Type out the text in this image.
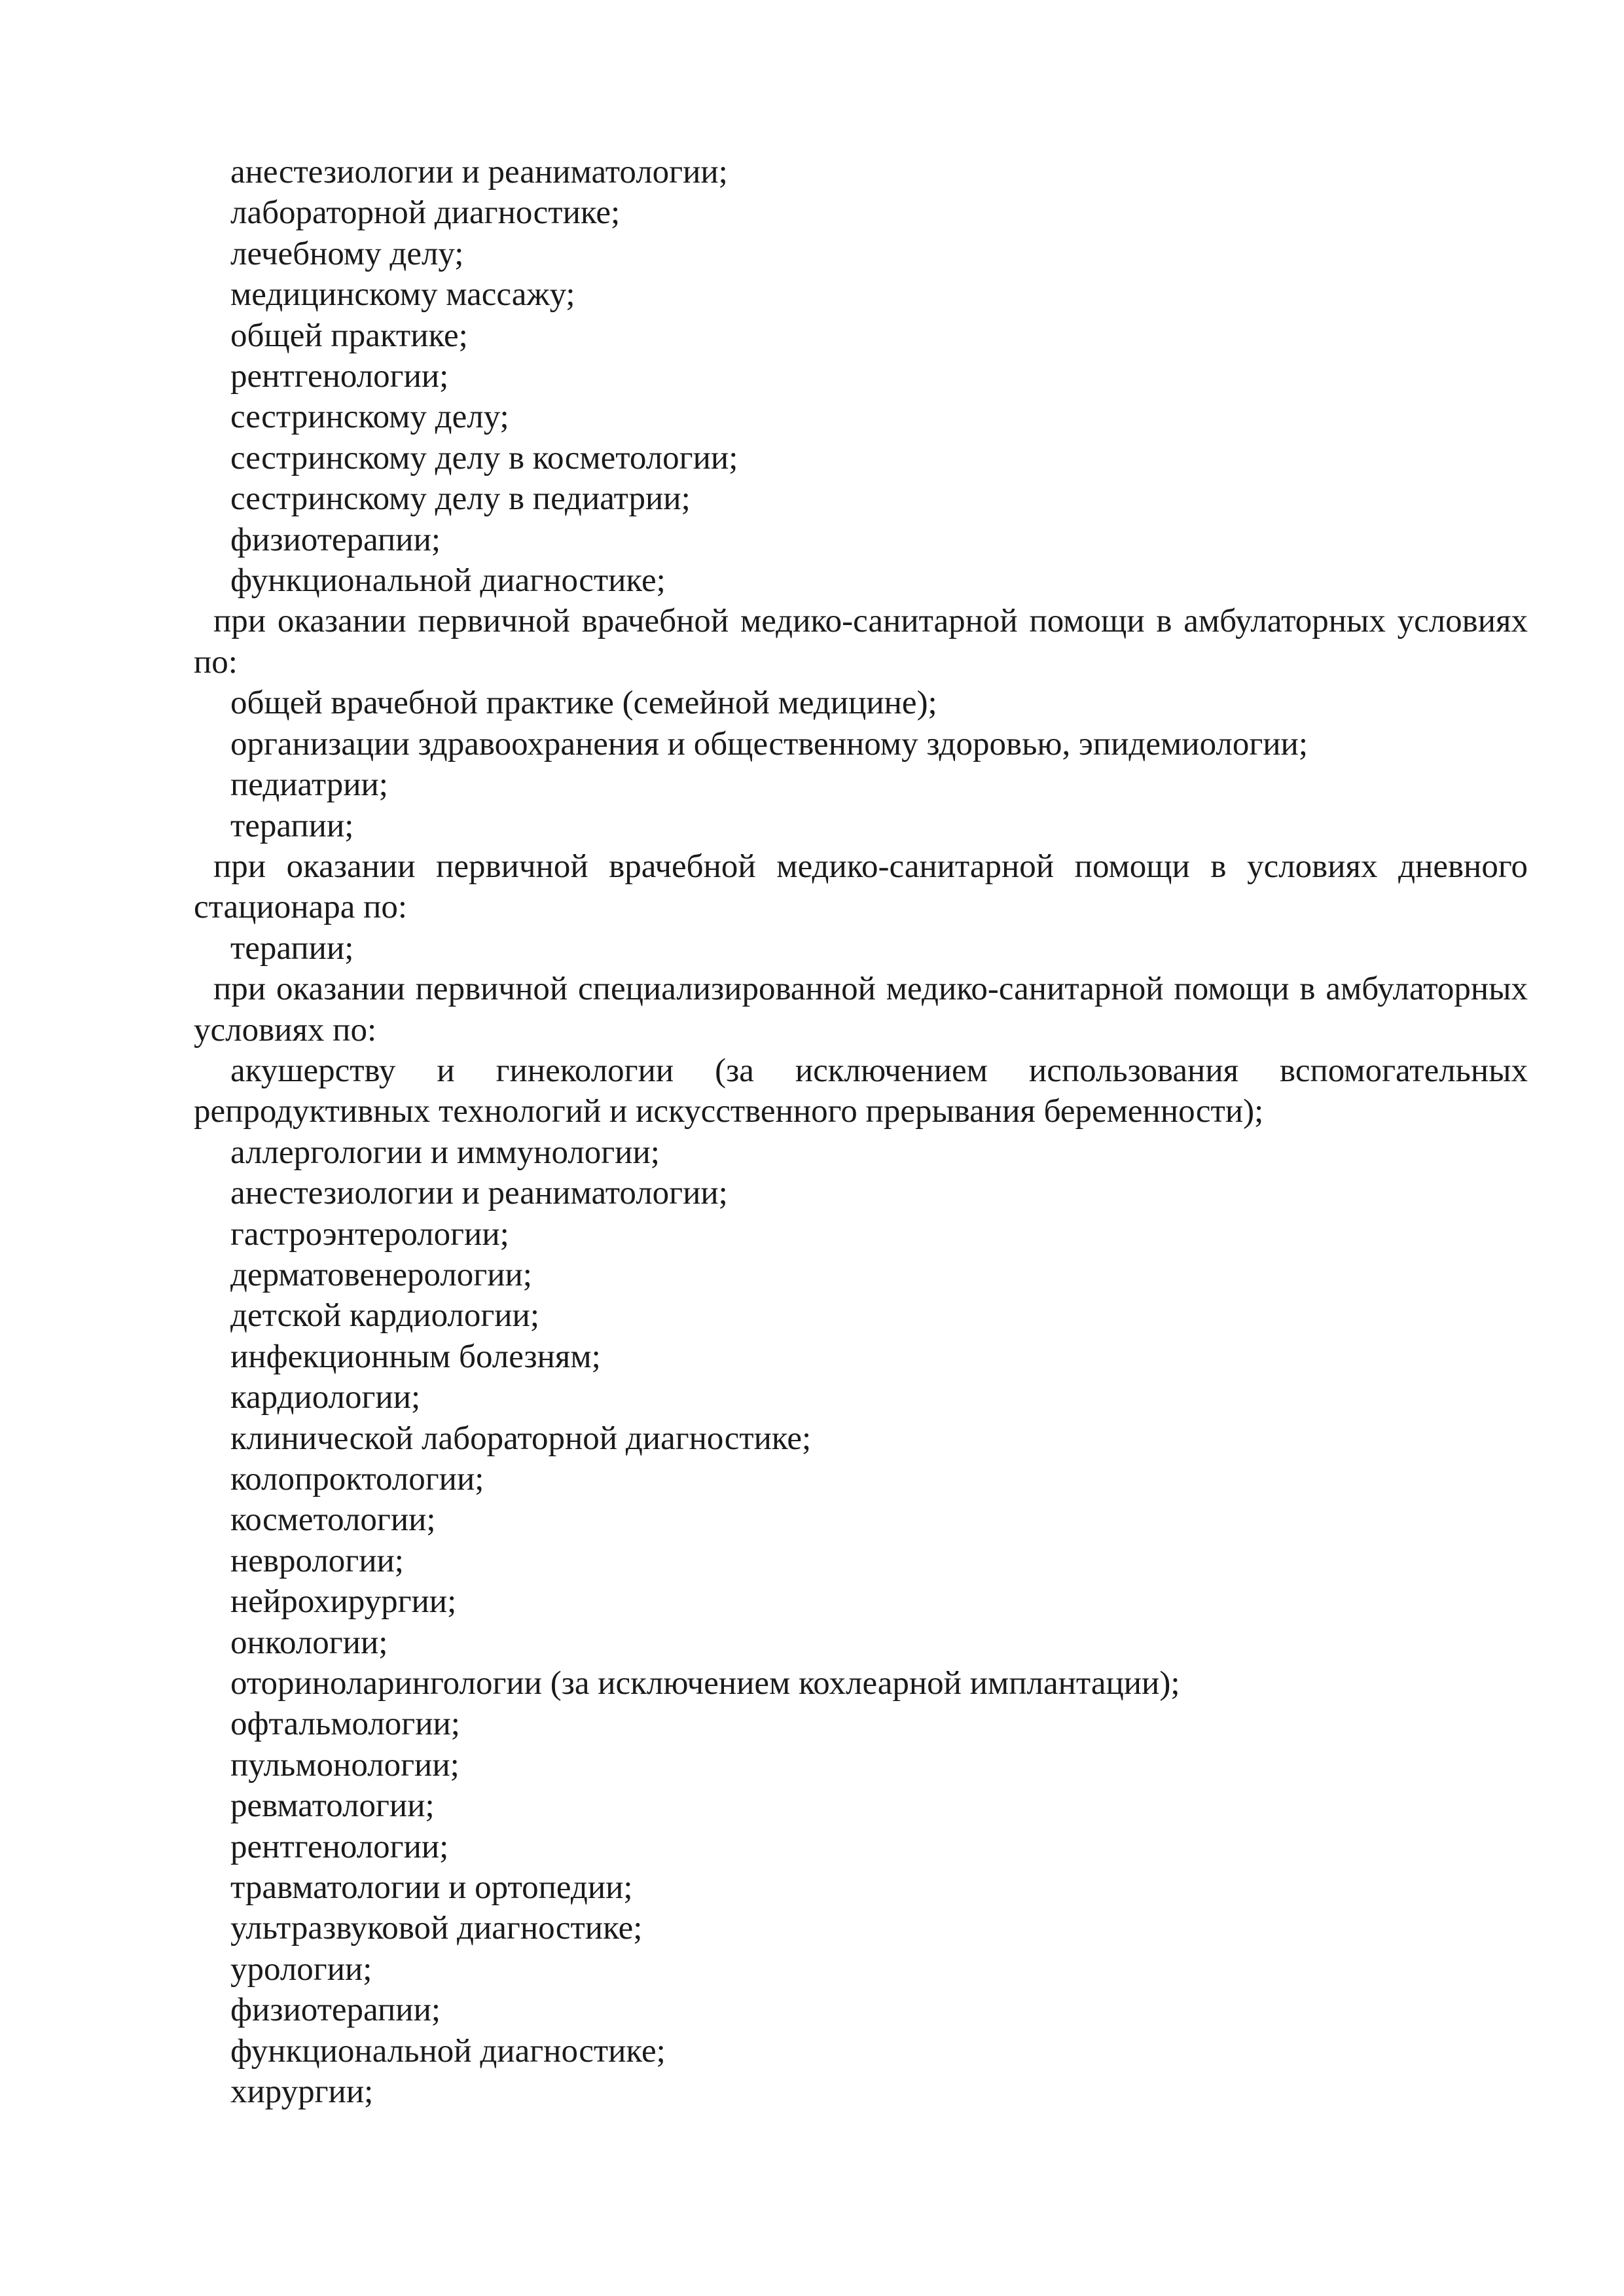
анестезиологии и реаниматологии;

лабораторной диагностике;

лечебному делу;

медицинскому массажу;

общей практике;

рентгенологии;

сестринскому делу;

сестринскому делу в косметологии;

сестринскому делу в педиатрии;

физиотерапии;

функциональной диагностике;

при оказании первичной врачебной медико-санитарной помощи в амбулаторных условиях по:

общей врачебной практике (семейной медицине);

организации здравоохранения и общественному здоровью, эпидемиологии;

педиатрии;

терапии;

при оказании первичной врачебной медико-санитарной помощи в условиях дневного стационара по:

терапии;

при оказании первичной специализированной медико-санитарной помощи в амбулаторных условиях по:

акушерству и гинекологии (за исключением использования вспомогательных репродуктивных технологий и искусственного прерывания беременности);

аллергологии и иммунологии;

анестезиологии и реаниматологии;

гастроэнтерологии;

дерматовенерологии;

детской кардиологии;

инфекционным болезням;

кардиологии;

клинической лабораторной диагностике;

колопроктологии;

косметологии;

неврологии;

нейрохирургии;

онкологии;

оториноларингологии (за исключением кохлеарной имплантации);

офтальмологии;

пульмонологии;

ревматологии;

рентгенологии;

травматологии и ортопедии;

ультразвуковой диагностике;

урологии;

физиотерапии;

функциональной диагностике;

хирургии;
